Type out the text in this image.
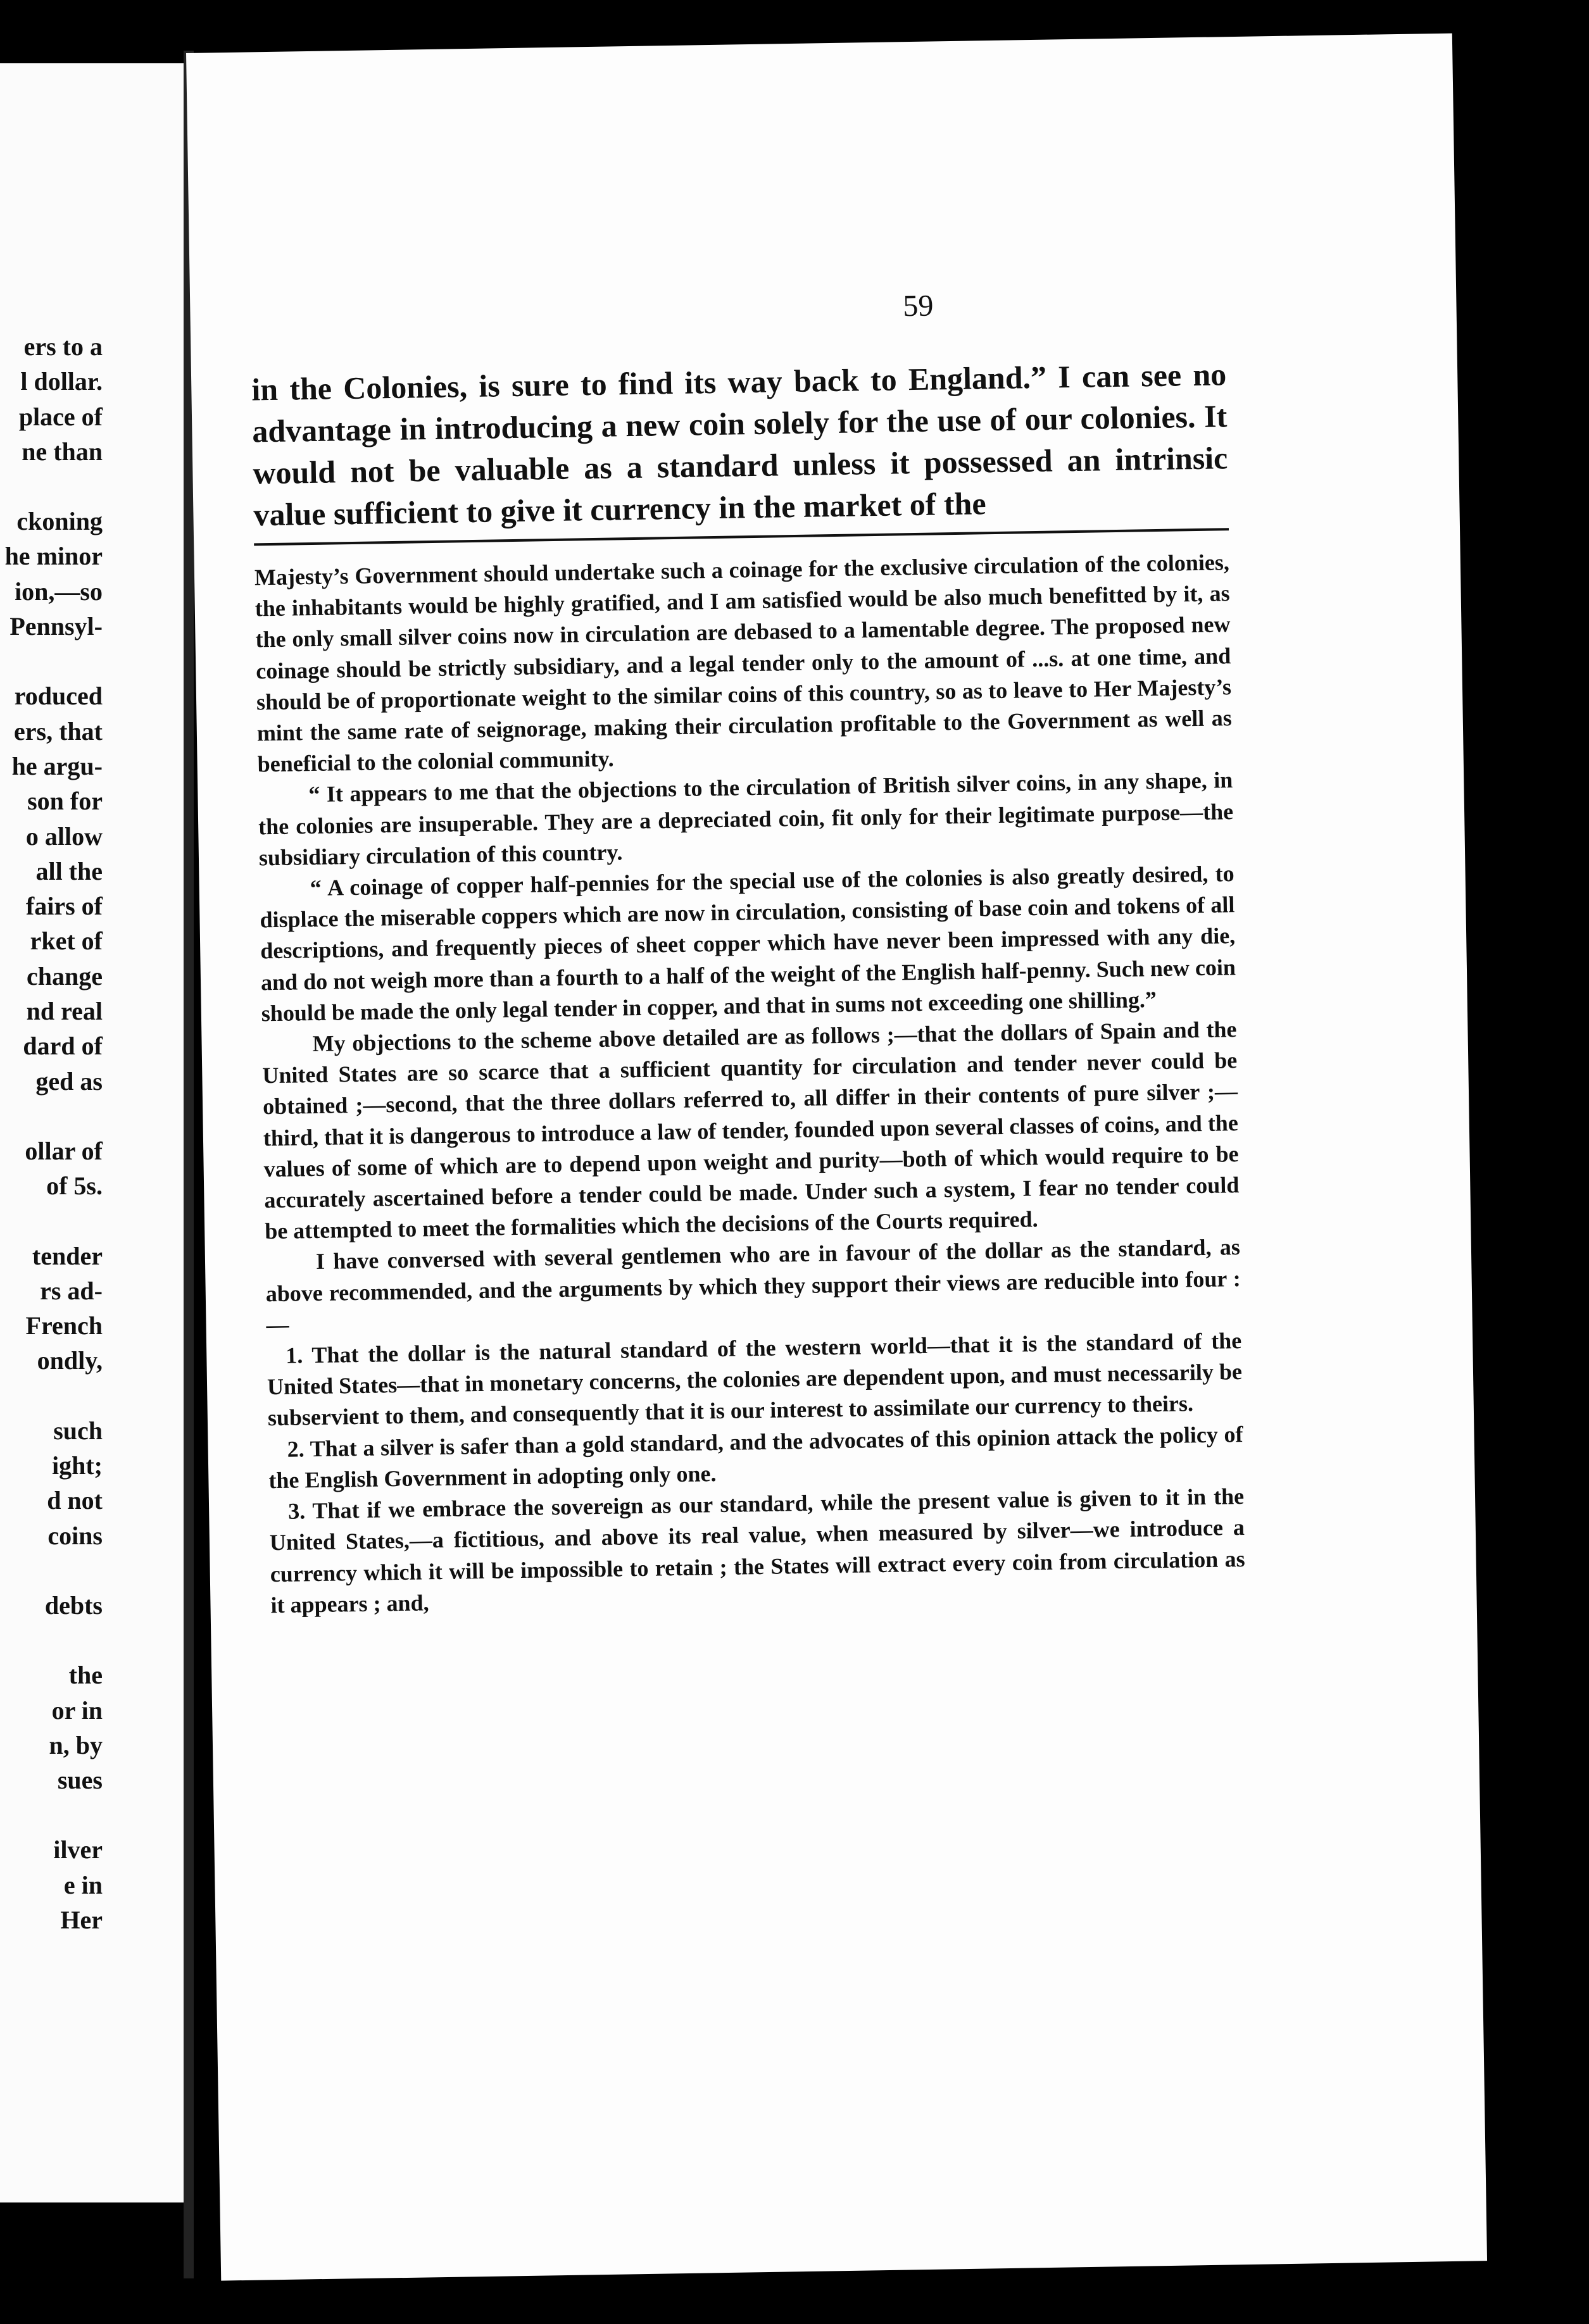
ers to a
l dollar.
place of
ne than
ckoning
he minor
ion,—so
Pennsyl-
roduced
ers, that
he argu-
son for
o allow
all the
fairs of
rket of
change
nd real
dard of
ged as
ollar of
of 5s.
tender
rs ad-
French
ondly,
such
ight;
d not
coins
debts
the
or in
n, by
sues
ilver
e in
Her
59

in the Colonies, is sure to find its way back to England.” I can see no advantage in introducing a new coin solely for the use of our colonies. It would not be valuable as a standard unless it possessed an intrinsic value sufficient to give it currency in the market of the

Majesty’s Government should undertake such a coinage for the exclusive circulation of the colonies, the inhabitants would be highly gratified, and I am satisfied would be also much benefitted by it, as the only small silver coins now in circulation are debased to a lamentable degree. The proposed new coinage should be strictly subsidiary, and a legal tender only to the amount of ...s. at one time, and should be of proportionate weight to the similar coins of this country, so as to leave to Her Majesty’s mint the same rate of seignorage, making their circulation profitable to the Government as well as beneficial to the colonial community.

“ It appears to me that the objections to the circulation of British silver coins, in any shape, in the colonies are insuperable. They are a depreciated coin, fit only for their legitimate purpose—the subsidiary circulation of this country.

“ A coinage of copper half-pennies for the special use of the colonies is also greatly desired, to displace the miserable coppers which are now in circulation, consisting of base coin and tokens of all descriptions, and frequently pieces of sheet copper which have never been impressed with any die, and do not weigh more than a fourth to a half of the weight of the English half-penny. Such new coin should be made the only legal tender in copper, and that in sums not exceeding one shilling.”

My objections to the scheme above detailed are as follows ;—that the dollars of Spain and the United States are so scarce that a sufficient quantity for circulation and tender never could be obtained ;—second, that the three dollars referred to, all differ in their contents of pure silver ;—third, that it is dangerous to introduce a law of tender, founded upon several classes of coins, and the values of some of which are to depend upon weight and purity—both of which would require to be accurately ascertained before a tender could be made. Under such a system, I fear no tender could be attempted to meet the formalities which the decisions of the Courts required.

I have conversed with several gentlemen who are in favour of the dollar as the standard, as above recommended, and the arguments by which they support their views are reducible into four :—

1. That the dollar is the natural standard of the western world—that it is the standard of the United States—that in monetary concerns, the colonies are dependent upon, and must necessarily be subservient to them, and consequently that it is our interest to assimilate our currency to theirs.

2. That a silver is safer than a gold standard, and the advocates of this opinion attack the policy of the English Government in adopting only one.

3. That if we embrace the sovereign as our standard, while the present value is given to it in the United States,—a fictitious, and above its real value, when measured by silver—we introduce a currency which it will be impossible to retain ; the States will extract every coin from circulation as it appears ; and,
